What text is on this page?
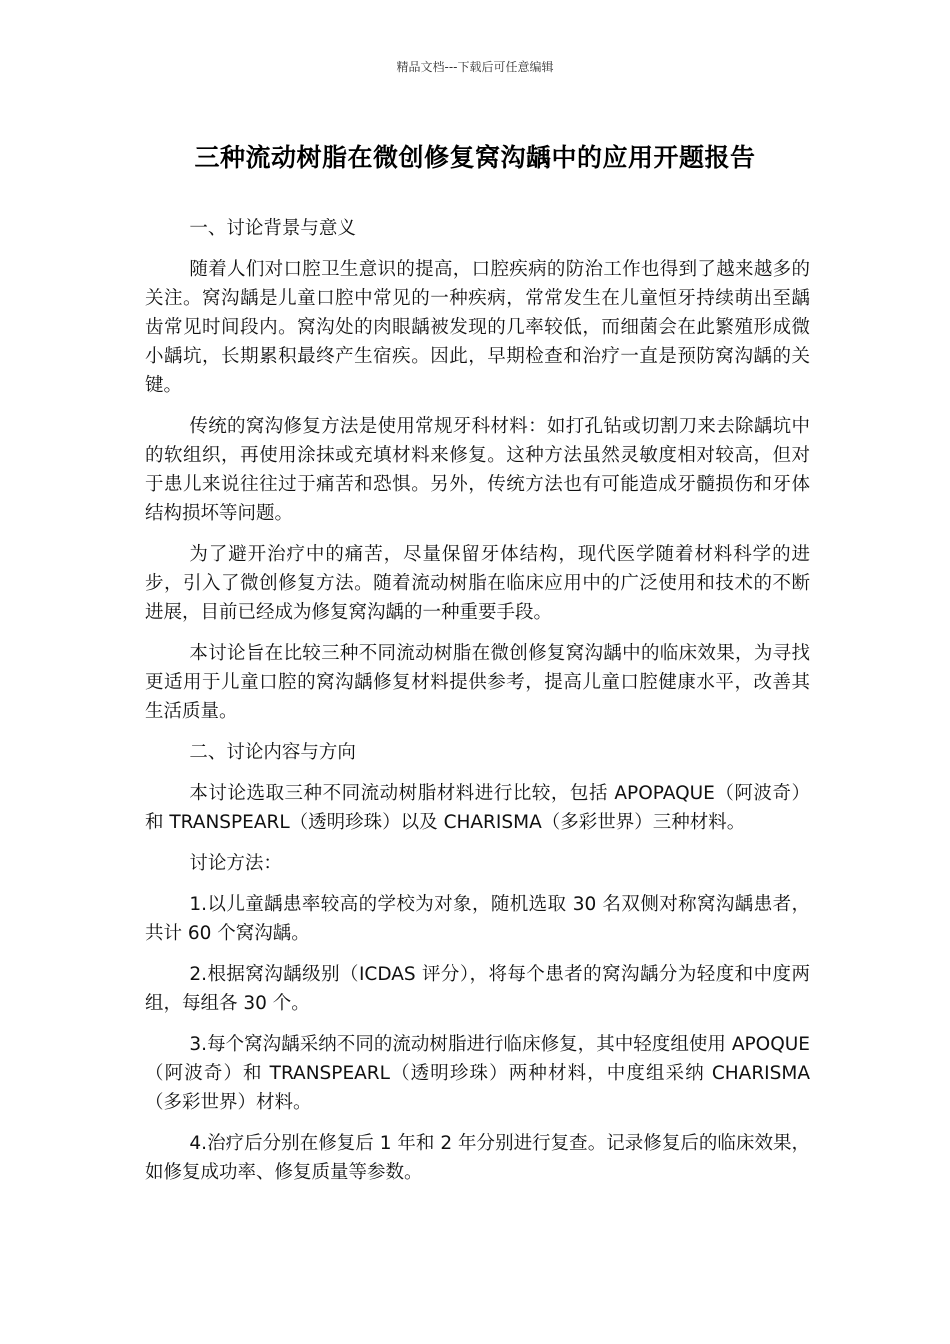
精品文档---下载后可任意编辑
三种流动树脂在微创修复窝沟龋中的应用开题报告

一、讨论背景与意义

随着人们对口腔卫生意识的提高，口腔疾病的防治工作也得到了越来越多的关注。窝沟龋是儿童口腔中常见的一种疾病，常常发生在儿童恒牙持续萌出至龋齿常见时间段内。窝沟处的肉眼龋被发现的几率较低，而细菌会在此繁殖形成微小龋坑，长期累积最终产生宿疾。因此，早期检查和治疗一直是预防窝沟龋的关键。

传统的窝沟修复方法是使用常规牙科材料：如打孔钻或切割刀来去除龋坑中的软组织，再使用涂抹或充填材料来修复。这种方法虽然灵敏度相对较高，但对于患儿来说往往过于痛苦和恐惧。另外，传统方法也有可能造成牙髓损伤和牙体结构损坏等问题。

为了避开治疗中的痛苦，尽量保留牙体结构，现代医学随着材料科学的进步，引入了微创修复方法。随着流动树脂在临床应用中的广泛使用和技术的不断进展，目前已经成为修复窝沟龋的一种重要手段。

本讨论旨在比较三种不同流动树脂在微创修复窝沟龋中的临床效果，为寻找更适用于儿童口腔的窝沟龋修复材料提供参考，提高儿童口腔健康水平，改善其生活质量。

二、讨论内容与方向

本讨论选取三种不同流动树脂材料进行比较，包括 APOPAQUE（阿波奇）和 TRANSPEARL（透明珍珠）以及 CHARISMA（多彩世界）三种材料。

讨论方法：

1.以儿童龋患率较高的学校为对象，随机选取 30 名双侧对称窝沟龋患者，共计 60 个窝沟龋。

2.根据窝沟龋级别（ICDAS 评分），将每个患者的窝沟龋分为轻度和中度两组，每组各 30 个。

3.每个窝沟龋采纳不同的流动树脂进行临床修复，其中轻度组使用 APOQUE（阿波奇）和 TRANSPEARL（透明珍珠）两种材料，中度组采纳 CHARISMA（多彩世界）材料。

4.治疗后分别在修复后 1 年和 2 年分别进行复查。记录修复后的临床效果，如修复成功率、修复质量等参数。
